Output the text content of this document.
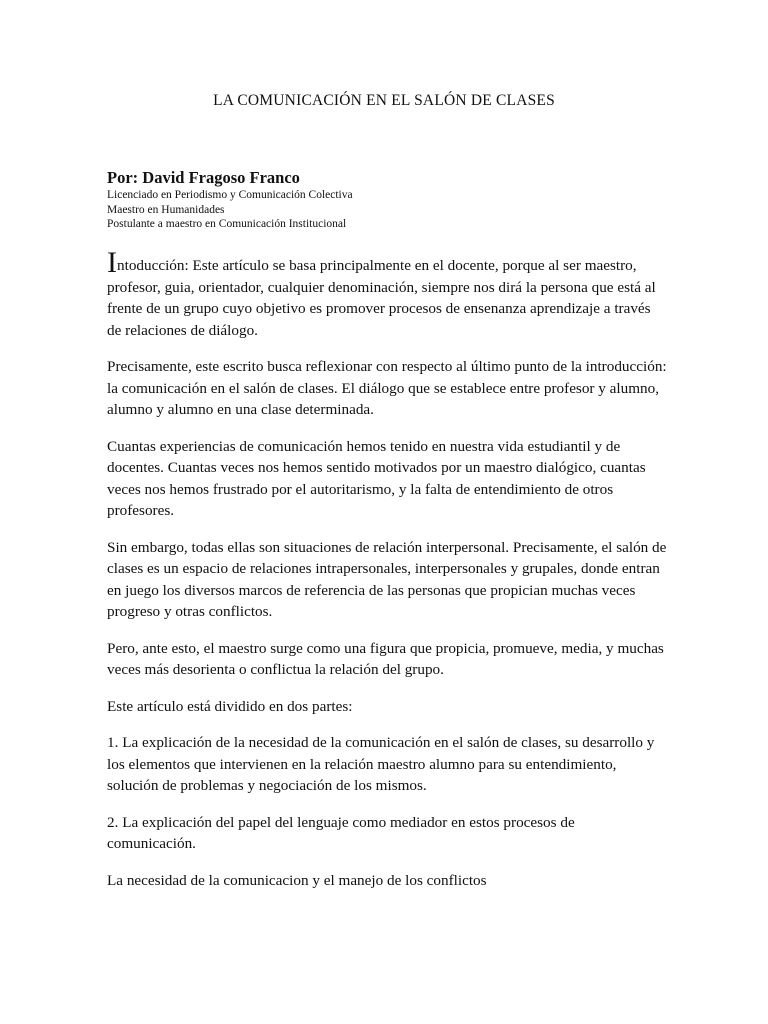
LA COMUNICACIÓN EN EL SALÓN DE CLASES

Por: David Fragoso Franco

Licenciado en Periodismo y Comunicación Colectiva

Maestro en Humanidades

Postulante a maestro en Comunicación Institucional

Intoducción: Este artículo se basa principalmente en el docente, porque al ser maestro, profesor, guia, orientador, cualquier denominación, siempre nos dirá la persona que está al frente de un grupo cuyo objetivo es promover procesos de ensenanza aprendizaje a través de relaciones de diálogo.

Precisamente, este escrito busca reflexionar con respecto al último punto de la introducción: la comunicación en el salón de clases. El diálogo que se establece entre profesor y alumno, alumno y alumno en una clase determinada.

Cuantas experiencias de comunicación hemos tenido en nuestra vida estudiantil y de docentes. Cuantas veces nos hemos sentido motivados por un maestro dialógico, cuantas veces nos hemos frustrado por el autoritarismo, y la falta de entendimiento de otros profesores.

Sin embargo, todas ellas son situaciones de relación interpersonal. Precisamente, el salón de clases es un espacio de relaciones intrapersonales, interpersonales y grupales, donde entran en juego los diversos marcos de referencia de las personas que propician muchas veces progreso y otras conflictos.

Pero, ante esto, el maestro surge como una figura que propicia, promueve, media, y muchas veces más desorienta o conflictua la relación del grupo.

Este artículo está dividido en dos partes:

1. La explicación de la necesidad de la comunicación en el salón de clases, su desarrollo y los elementos que intervienen en la relación maestro alumno para su entendimiento, solución de problemas y negociación de los mismos.

2. La explicación del papel del lenguaje como mediador en estos procesos de comunicación.

La necesidad de la comunicacion y el manejo de los conflictos
